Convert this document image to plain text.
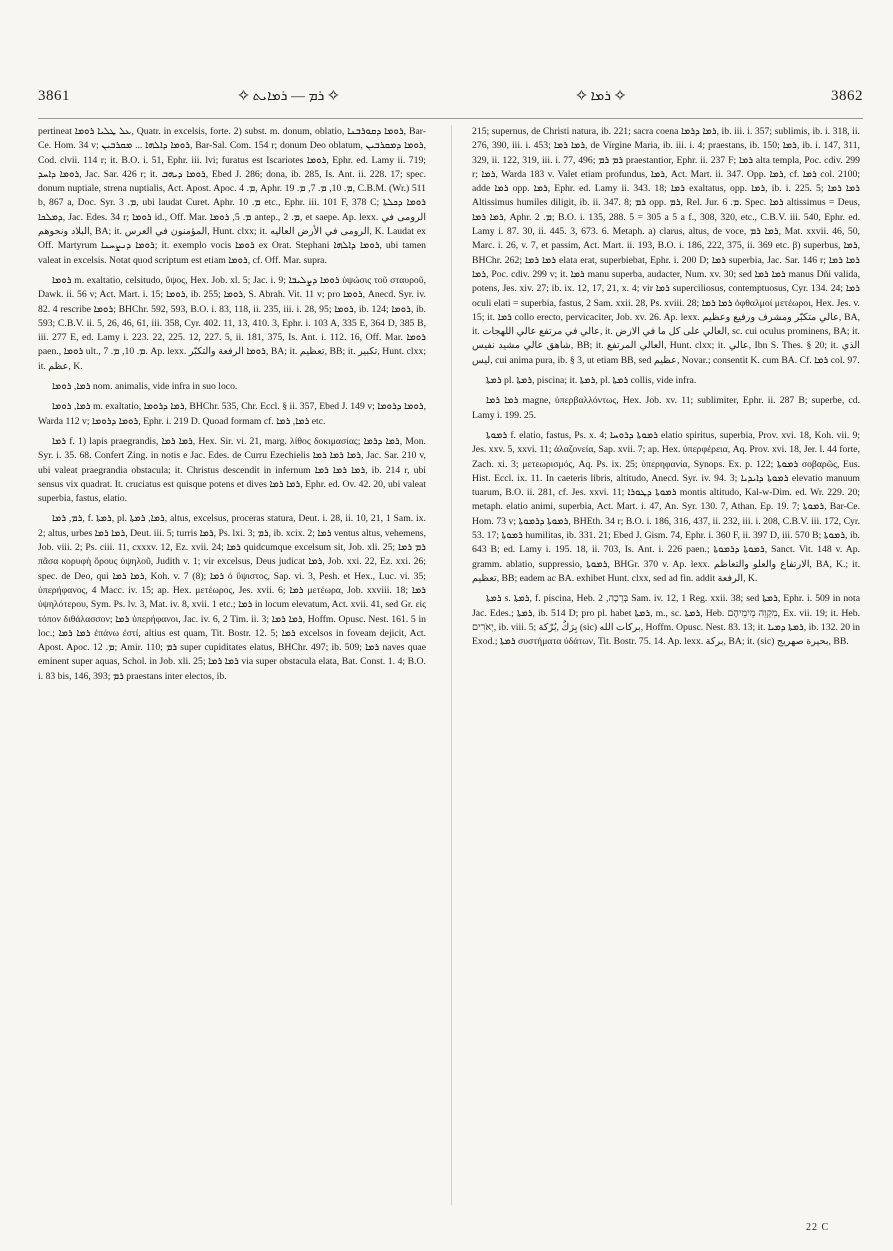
3861	✧ ܪܡ — ܪܡܐܝܬ ✧	✧ ܪܡܐ ✧	3862

pertineat ܥܠ ܛܠܝܐ ܪܘܡܐ, Quatr. in excelsis, forte. 2) subst. m. donum, oblatio, ܪܘܡܐ ܕܩܘܪܒܢܐ, Bar-Ce. Hom. 34 v; ܪܘܡܐ ܕܐܠܗܐ ... ܡܩܪܒܝܢ, Bar-Sal. Com. 154 r; donum Deo oblatum, ܪܘܡܐ ܕܡܩܪܒܝܢ, Cod. clvii. 114 r; it. B.O. i. 51, Ephr. iii. lvi; furatus est Iscariotes ܪܘܡܐ, Ephr. ed. Lamy ii. 719; ܪܘܡܐ ܕܐܚܕ, Jac. Sar. 426 r; it. ܪܘܡܐ ܕܝܗܒ, Ebed J. 286; dona, ib. 285, Is. Ant. ii. 228. 17; spec. donum nuptiale, strena nuptialis, Act. Apost. Apoc. ܡ. 4, Aphr. ܡ. 10, ܡ. 7, ܡ. 19, C.B.M. (Wr.) 511 b, 867 a, Doc. Syr. ܡ. 3, ubi laudat Curet. Aphr. ܡ. 10 etc., Ephr. iii. 101 F, 378 C; ܪܘܡܐ ܕܟܠܬܐ ܕܡܠܟܐ, Jac. Edes. 34 r; ܪܘܡܐ id., Off. Mar. ܡ. 5, ܪܘܡܐ antep., ܡ. 2, et saepe. Ap. lexx. الرومى في البلاد ونحوهم, BA; it. المؤمنون في العرس, Hunt. clxx; it. الرومى في الأرض العاليه, K. Laudat ex Off. Martyrum ܪܘܡܐ ܕܢܨܚܢܐ; it. exemplo vocis ܪܘܡܐ ex Orat. Stephani ܪܘܡܐ ܕܐܠܗܐ, ubi tamen valeat in excelsis. Notat quod scriptum est etiam ܪܘܡܐ, cf. Off. Mar. supra.

ܪܘܡܐ m. exaltatio, celsitudo, ὕψος, Hex. Job. xl. 5; Jac. i. 9; ܪܘܡܐ ܕܨܠܝܒܐ ὑψώσις τοῦ σταυροῦ, Dawk. ii. 56 v; Act. Mart. i. 15; ܪܘܡܐ, ib. 255; ܪܘܡܐ, S. Abrah. Vit. 11 v; pro ܪܘܡܐ, Anecd. Syr. iv. 82. 4 rescribe ܪܘܡܐ; BHChr. 592, 593, B.O. i. 83, 118, ii. 235, iii. i. 28, 95; ܪܘܡܐ, ib. 124; ܪܘܡܐ, ib. 593; C.B.V. ii. 5, 26, 46, 61, iii. 358, Cyr. 402. 11, 13, 410. 3, Ephr. i. 103 A, 335 E, 364 D, 385 B, iii. 277 E, ed. Lamy i. 223. 22, 225. 12, 227. 5, ii. 181, 375, Is. Ant. i. 112. 16, Off. Mar. ܪܘܡܐ paen., ܪܘܡܐ ult., ܡ. 10, ܡ. 7. Ap. lexx. ܪܘܡܐ الرفعة والتكبّر, BA; it. تعظيم, BB; it. تكبير, Hunt. clxx; it. عظم, K.

ܪܡܐ, ܪܘܡܐ nom. animalis, vide infra in suo loco.

ܪܡܐ, ܪܘܡܐ m. exaltatio, ܪܡܐ ܕܪܘܡܐ, BHChr. 535, Chr. Eccl. § ii. 357, Ebed J. 149 v; ܪܘܡܐ ܕܪܘܡܐ, Warda 112 v; ܪܘܡܐ ܕܪܘܡܐ, Ephr. i. 219 D. Quoad formam cf. ܪܡܐ, ܪܡܐ etc.

ܪܡܐ f. 1) lapis praegrandis, ܪܡܐ ܪܡܐ, Hex. Sir. vi. 21, marg. λίθος δοκιμασίας; ܪܡܐ ܕܪܡܐ, Mon. Syr. i. 35. 68. Confert Zing. in notis e Jac. Edes. de Curru Ezechielis ܪܡܐ ܪܡܐ ܪܡܐ, Jac. Sar. 210 v, ubi valeat praegrandia obstacula; it. Christus descendit in infernum ܪܡܐ ܪܡܐ ܪܡܐ, ib. 214 r, ubi sensus vix quadrat. It. cruciatus est quisque potens et dives ܪܡܐ ܪܡܐ, Ephr. ed. Ov. 42. 20, ubi valeat superbia, fastus, elatio.

ܪܡ, ܪܡܐ, f. ܪܡܬܐ, pl. ܪܡܐ, ܪܡܬܐ, altus, excelsus, proceras statura, Deut. i. 28, ii. 10, 21, 1 Sam. ix. 2; altus, urbes ܪܡܐ ܪܡܐ, Deut. iii. 5; turris ܪܡܐ, Ps. lxi. 3; ܪܡ, ib. xcix. 2; ܪܡܐ ventus altus, vehemens, Job. viii. 2; Ps. ciii. 11, cxxxv. 12, Ez. xvii. 24; ܪܡܐ quidcumque excelsum sit, Job. xli. 25; ܪܡ ܪܡܐ πᾶσα κορυφὴ ὄρους ὑψηλοῦ, Judith v. 1; vir excelsus, Deus judicat ܪܡܐ, Job. xxi. 22, Ez. xxi. 26; spec. de Deo, qui ܪܡܐ ܪܡܐ, Koh. v. 7 (8); ܪܡܐ ὁ ὕψιστος, Sap. vi. 3, Pesh. et Hex., Luc. vi. 35; ὑπερήφανος, 4 Macc. iv. 15; ap. Hex. μετέωρος, Jes. xvii. 6; ܪܡܐ μετέωρα, Job. xxviii. 18; ܪܡܐ ὑψηλότερου, Sym. Ps. lv. 3, Mat. iv. 8, xvii. 1 etc.; ܪܡܐ in locum elevatum, Act. xvii. 41, sed Gr. εἰς τόπον διθάλασσον; ܪܡܐ ὑπερήφανοι, Jac. iv. 6, 2 Tim. ii. 3; ܪܡܐ ܪܡܐ, Hoffm. Opusc. Nest. 161. 5 in loc.; ܪܡܐ ܪܡܐ ἐπάνω ἐστί, altius est quam, Tit. Bostr. 12. 5; ܪܡܐ excelsos in foveam dejicit, Act. Apost. Apoc. ܡ. 12; Amir. 110; ܪܡ super cupiditates elatus, BHChr. 497; ib. 509; ܪܡܐ naves quae eminent super aquas, Schol. in Job. xli. 25; ܪܡܐ ܪܡܐ via super obstacula elata, Bat. Const. 1. 4; B.O. i. 83 bis, 146, 393; ܪܡ praestans inter electos, ib.

215; supernus, de Christi natura, ib. 221; sacra coena ܪܡܐ ܕܪܡܐ, ib. iii. i. 357; sublimis, ib. i. 318, ii. 276, 390, iii. i. 453; ܪܡܐ ܪܡܐ, de Virgine Maria, ib. iii. i. 4; praestans, ib. 150; ܪܡܐ, ib. i. 147, 311, 329, ii. 122, 319, iii. i. 77, 496; ܪܡ ܪܡ praestantior, Ephr. ii. 237 F; ܪܡܐ alta templa, Poc. cdiv. 299 r; ܪܡܐ, Warda 183 v. Valet etiam profundus, ܪܡܐ, Act. Mart. ii. 347. Opp. ܪܡܐ, cf. ܪܡܐ col. 2100; adde ܪܡܐ opp. ܪܡܐ, Ephr. ed. Lamy ii. 343. 18; ܪܡܐ exaltatus, opp. ܪܡܐ, ib. i. 225. 5; ܪܡܐ ܪܡܐ Altissimus humiles diligit, ib. ii. 347. 8; ܪܡ opp. ܪܡ, Rel. Jur. ܡ. 6. Spec. ܪܡܐ altissimus = Deus, ܪܡܐ ܪܡܐ, Aphr. ܡ. 2; B.O. i. 135, 288. 5 = 305 a 5 a f., 308, 320, etc., C.B.V. iii. 540, Ephr. ed. Lamy i. 87. 30, ii. 445. 3, 673. 6. Metaph. a) clarus, altus, de voce, ܪܡܐ ܪܡ, Mat. xxvii. 46, 50, Marc. i. 26, v. 7, et passim, Act. Mart. ii. 193, B.O. i. 186, 222, 375, ii. 369 etc. β) superbus, ܪܡܐ, BHChr. 262; ܪܡܐ ܪܡܐ elata erat, superbiebat, Ephr. i. 200 D; ܪܡܐ superbia, Jac. Sar. 146 r; ܪܡܐ ܪܡܐ ܪܡܐ, Poc. cdiv. 299 v; it. ܪܡܐ manu superba, audacter, Num. xv. 30; sed ܪܡܐ ܪܡܐ manus Dñi valida, potens, Jes. xiv. 27; ib. ix. 12, 17, 21, x. 4; vir ܪܡܐ superciliosus, contemptuosus, Cyr. 134. 24; ܪܡܐ oculi elati = superbia, fastus, 2 Sam. xxii. 28, Ps. xviii. 28; ܪܡܐ ܪܡܐ ὀφθαλμοί μετέωροι, Hex. Jes. v. 15; it. ܪܡܐ collo erecto, pervicaciter, Job. xv. 26. Ap. lexx. عالي متكبّر ومشرف ورفيع وعظيم, BA, it. عالي في مرتفع عالي اللهجات, it. العالي على كل ما في الارض, sc. cui oculus prominens, BA; it. شاهق عالي مشيد نفيس, BB; it. العالي المرتفع, Hunt. clxx; it. عالي, Ibn S. Thes. § 20; it. الذي ليس, cui anima pura, ib. § 3, ut etiam BB, sed عظيم, Novar.; consentit K. cum BA. Cf. ܪܡܐ col. 97.

ܪܡܬܐ pl. ܪܡܬܐ, piscina; it. ܪܡܬܐ, pl. ܪܡܬܐ collis, vide infra.

ܪܡܐ ܪܡܐ magne, ὑπερβαλλόντως, Hex. Job. xv. 11; sublimiter, Ephr. ii. 287 B; superbe, cd. Lamy i. 199. 25.

ܪܡܘܬܐ f. elatio, fastus, Ps. x. 4; ܪܡܘܬܐ ܕܪܘܚܐ elatio spiritus, superbia, Prov. xvi. 18, Koh. vii. 9; Jes. xxv. 5, xxvi. 11; ἀλαζονεία, Sap. xvii. 7; ap. Hex. ὑπερφέρεια, Aq. Prov. xvi. 18, Jer. l. 44 forte, Zach. xi. 3; μετεωρισμός, Aq. Ps. ix. 25; ὑπερηφανία, Synops. Ex. p. 122; ܪܡܘܬܐ σοβαρῶς, Eus. Hist. Eccl. ix. 11. In caeteris libris, altitudo, Anecd. Syr. iv. 94. 3; ܪܡܘܬܐ ܕܐܝܕܝܐ elevatio manuum tuarum, B.O. ii. 281, cf. Jes. xxvi. 11; ܪܡܘܬܐ ܕܛܘܪܐ montis altitudo, Kal-w-Dim. ed. Wr. 229. 20; metaph. elatio animi, superbia, Act. Mart. i. 47, An. Syr. 130. 7, Athan. Ep. 19. 7; ܪܡܘܬܐ, Bar-Ce. Hom. 73 v; ܪܡܘܬܐ ܕܪܡܘܬܐ, BHEth. 34 r; B.O. i. 186, 316, 437, ii. 232, iii. i. 208, C.B.V. iii. 172, Cyr. 53. 17; ܪܡܘܬܐ humilitas, ib. 331. 21; Ebed J. Gism. 74, Ephr. i. 360 F, ii. 397 D, iii. 570 B; ܪܡܘܬܐ, ib. 643 B; ed. Lamy i. 195. 18, ii. 703, Is. Ant. i. 226 paen.; ܪܡܘܬܐ ܕܪܡܘܬܐ, Sanct. Vit. 148 v. Ap. gramm. ablatio, suppressio, ܪܡܘܬܐ, BHGr. 370 v. Ap. lexx. الارتفاع والعلو والتعاظم, BA, K.; it. تعظيم, BB; eadem ac BA. exhibet Hunt. clxx, sed ad fin. addit الرفعة, K.

ܪܡܬܐ s. ܪܡܬܐ, f. piscina, Heb. בְּרֵכָה, 2 Sam. iv. 12, 1 Reg. xxii. 38; sed ܪܡܬܐ, Ephr. i. 509 in nota Jac. Edes.; ܪܡܬܐ, ib. 514 D; pro pl. habet ܪܡܬܐ, m., sc. ܪܡܬܐ, Heb. מִקְוֵה מֵימֵיהֶם, Ex. vii. 19; it. Heb. יְאֹרִים, ib. viii. 5; بِرَكٌ ,بُرْكة (sic) بركات الله, Hoffm. Opusc. Nest. 83. 13; it. ܪܡܬܐ ܕܡܝܐ, ib. 132. 20 in Exod.; ܪܡܬܐ συστήματα ὑδάτων, Tit. Bostr. 75. 14. Ap. lexx. بركة, BA; it. (sic) بحيرة صهريج, BB.

22 C
